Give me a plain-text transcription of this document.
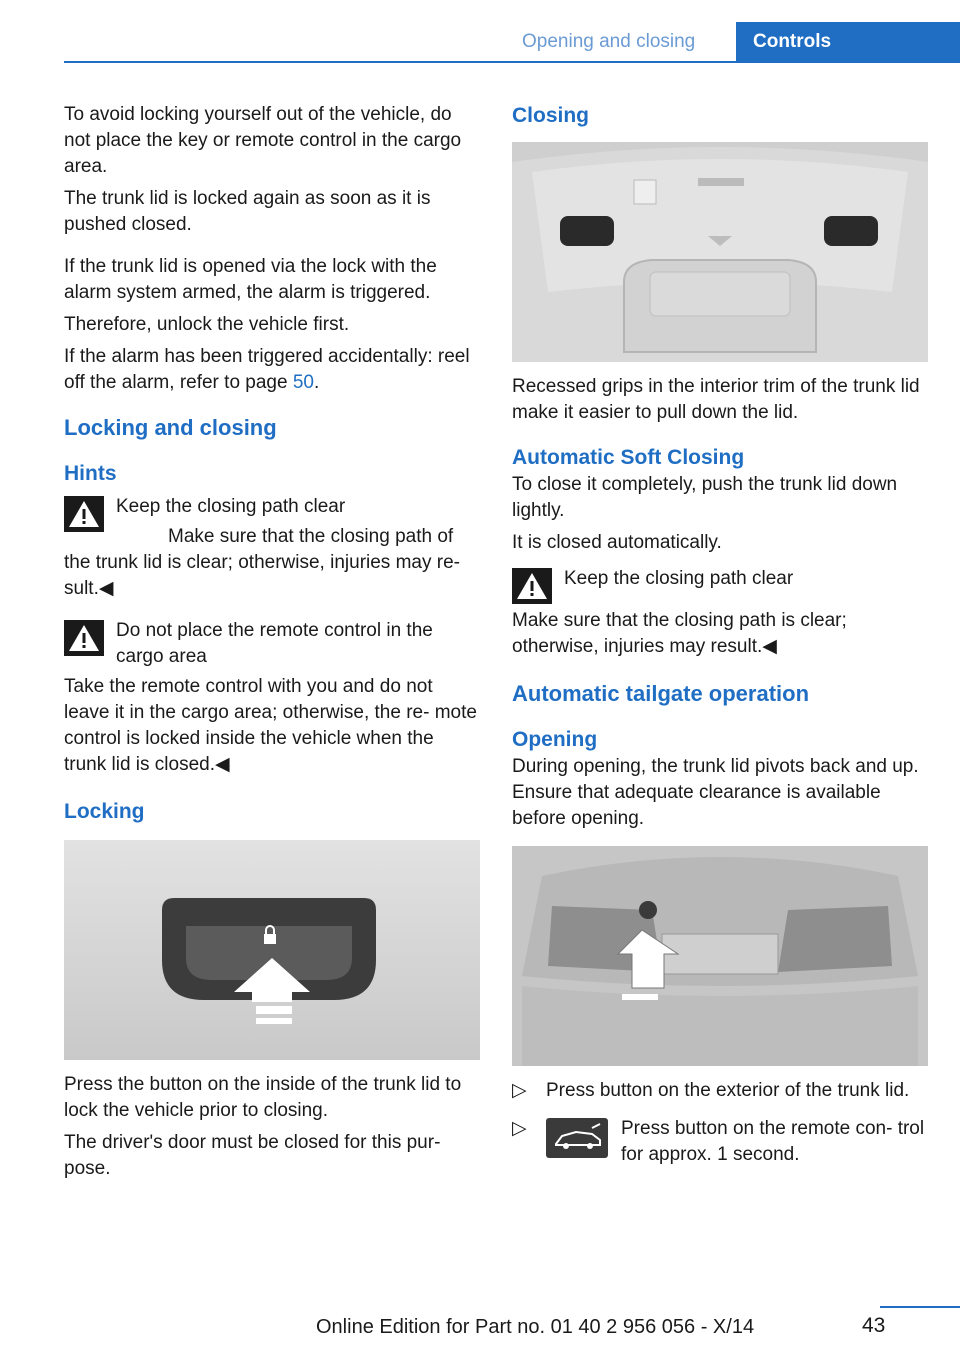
Opening and closing	Controls

To avoid locking yourself out of the vehicle, do not place the key or remote control in the cargo area.

The trunk lid is locked again as soon as it is pushed closed.

If the trunk lid is opened via the lock with the alarm system armed, the alarm is triggered.

Therefore, unlock the vehicle first.

If the alarm has been triggered accidentally: reel off the alarm, refer to page 50.

Locking and closing
Hints
Keep the closing path clear

Make sure that the closing path of the trunk lid is clear; otherwise, injuries may re‐ sult.◀

Do not place the remote control in the cargo area

Take the remote control with you and do not leave it in the cargo area; otherwise, the re‐ mote control is locked inside the vehicle when the trunk lid is closed.◀

Locking

Press the button on the inside of the trunk lid to lock the vehicle prior to closing.

The driver's door must be closed for this pur‐ pose.

Closing

Recessed grips in the interior trim of the trunk lid make it easier to pull down the lid.

Automatic Soft Closing

To close it completely, push the trunk lid down lightly.

It is closed automatically.

Keep the closing path clear

Make sure that the closing path is clear; otherwise, injuries may result.◀

Automatic tailgate operation
Opening

During opening, the trunk lid pivots back and up. Ensure that adequate clearance is available before opening.

▷ Press button on the exterior of the trunk lid.
▷	Press button on the remote con‐ trol for approx. 1 second.
43
Online Edition for Part no. 01 40 2 956 056 - X/14
